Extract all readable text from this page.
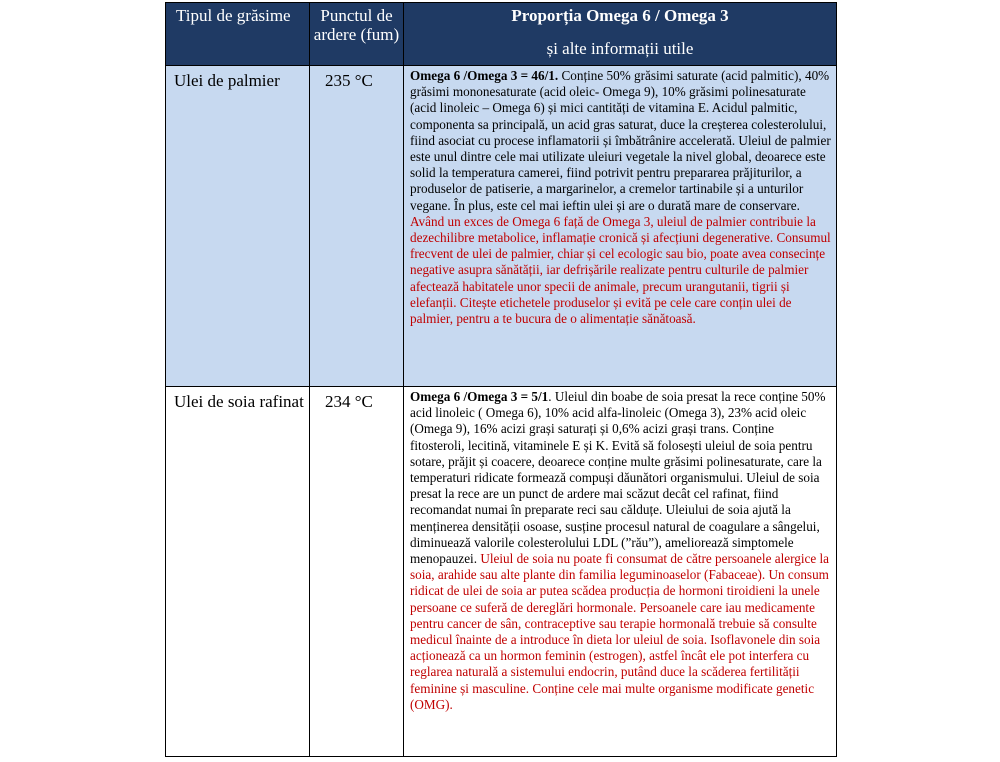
Tipul de grăsime	Punctul de ardere (fum)	Proporția Omega 6 / Omega 3
și alte informații utile

Ulei de palmier	235 °C	Omega 6 /Omega 3 = 46/1. Conține 50% grăsimi saturate (acid palmitic), 40% grăsimi mononesaturate (acid oleic- Omega 9), 10% grăsimi polinesaturate (acid linoleic – Omega 6) și mici cantități de vitamina E. Acidul palmitic, componenta sa principală, un acid gras saturat, duce la creșterea colesterolului, fiind asociat cu procese inflamatorii și îmbătrânire accelerată. Uleiul de palmier este unul dintre cele mai utilizate uleiuri vegetale la nivel global, deoarece este solid la temperatura camerei, fiind potrivit pentru prepararea prăjiturilor, a produselor de patiserie, a margarinelor, a cremelor tartinabile și a unturilor vegane. În plus, este cel mai ieftin ulei și are o durată mare de conservare. Având un exces de Omega 6 față de Omega 3, uleiul de palmier contribuie la dezechilibre metabolice, inflamație cronică și afecțiuni degenerative. Consumul frecvent de ulei de palmier, chiar și cel ecologic sau bio, poate avea consecințe negative asupra sănătății, iar defrișările realizate pentru culturile de palmier afectează habitatele unor specii de animale, precum urangutanii, tigrii și elefanții. Citește etichetele produselor și evită pe cele care conțin ulei de palmier, pentru a te bucura de o alimentație sănătoasă.
Ulei de soia rafinat	234 °C	Omega 6 /Omega 3 = 5/1. Uleiul din boabe de soia presat la rece conține 50% acid linoleic ( Omega 6), 10% acid alfa-linoleic (Omega 3), 23% acid oleic (Omega 9), 16% acizi grași saturați și 0,6% acizi grași trans. Conține fitosteroli, lecitină, vitaminele E și K. Evită să folosești uleiul de soia pentru sotare, prăjit și coacere, deoarece conține multe grăsimi polinesaturate, care la temperaturi ridicate formează compuși dăunători organismului. Uleiul de soia presat la rece are un punct de ardere mai scăzut decât cel rafinat, fiind recomandat numai în preparate reci sau călduțe. Uleiului de soia ajută la menținerea densității osoase, susține procesul natural de coagulare a sângelui, diminuează valorile colesterolului LDL (”rău”), ameliorează simptomele menopauzei. Uleiul de soia nu poate fi consumat de către persoanele alergice la soia, arahide sau alte plante din familia leguminoaselor (Fabaceae). Un consum ridicat de ulei de soia ar putea scădea producția de hormoni tiroidieni la unele persoane ce suferă de dereglări hormonale. Persoanele care iau medicamente pentru cancer de sân, contraceptive sau terapie hormonală trebuie să consulte medicul înainte de a introduce în dieta lor uleiul de soia. Isoflavonele din soia acționează ca un hormon feminin (estrogen), astfel încât ele pot interfera cu reglarea naturală a sistemului endocrin, putând duce la scăderea fertilității feminine și masculine. Conține cele mai multe organisme modificate genetic (OMG).
